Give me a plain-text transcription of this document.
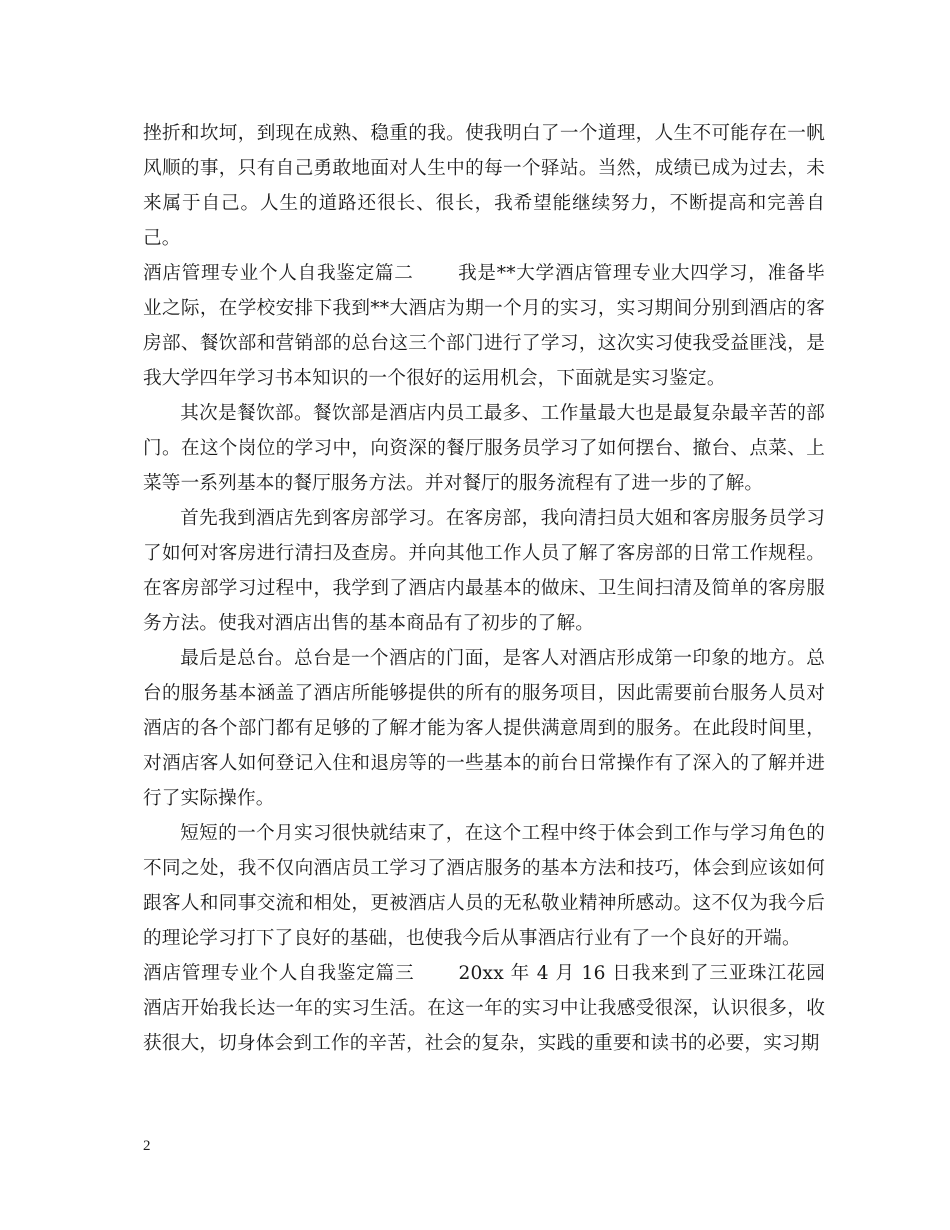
挫折和坎坷，到现在成熟、稳重的我。使我明白了一个道理，人生不可能存在一帆风顺的事，只有自己勇敢地面对人生中的每一个驿站。当然，成绩已成为过去，未来属于自己。人生的道路还很长、很长，我希望能继续努力，不断提高和完善自己。

酒店管理专业个人自我鉴定篇二 我是**大学酒店管理专业大四学习，准备毕业之际，在学校安排下我到**大酒店为期一个月的实习，实习期间分别到酒店的客房部、餐饮部和营销部的总台这三个部门进行了学习，这次实习使我受益匪浅，是我大学四年学习书本知识的一个很好的运用机会，下面就是实习鉴定。

其次是餐饮部。餐饮部是酒店内员工最多、工作量最大也是最复杂最辛苦的部门。在这个岗位的学习中，向资深的餐厅服务员学习了如何摆台、撤台、点菜、上菜等一系列基本的餐厅服务方法。并对餐厅的服务流程有了进一步的了解。

首先我到酒店先到客房部学习。在客房部，我向清扫员大姐和客房服务员学习了如何对客房进行清扫及查房。并向其他工作人员了解了客房部的日常工作规程。在客房部学习过程中，我学到了酒店内最基本的做床、卫生间扫清及简单的客房服务方法。使我对酒店出售的基本商品有了初步的了解。

最后是总台。总台是一个酒店的门面，是客人对酒店形成第一印象的地方。总台的服务基本涵盖了酒店所能够提供的所有的服务项目，因此需要前台服务人员对酒店的各个部门都有足够的了解才能为客人提供满意周到的服务。在此段时间里，对酒店客人如何登记入住和退房等的一些基本的前台日常操作有了深入的了解并进行了实际操作。

短短的一个月实习很快就结束了，在这个工程中终于体会到工作与学习角色的不同之处，我不仅向酒店员工学习了酒店服务的基本方法和技巧，体会到应该如何跟客人和同事交流和相处，更被酒店人员的无私敬业精神所感动。这不仅为我今后的理论学习打下了良好的基础，也使我今后从事酒店行业有了一个良好的开端。

酒店管理专业个人自我鉴定篇三 20xx 年 4 月 16 日我来到了三亚珠江花园酒店开始我长达一年的实习生活。在这一年的实习中让我感受很深，认识很多，收获很大，切身体会到工作的辛苦，社会的复杂，实践的重要和读书的必要，实习期

2
